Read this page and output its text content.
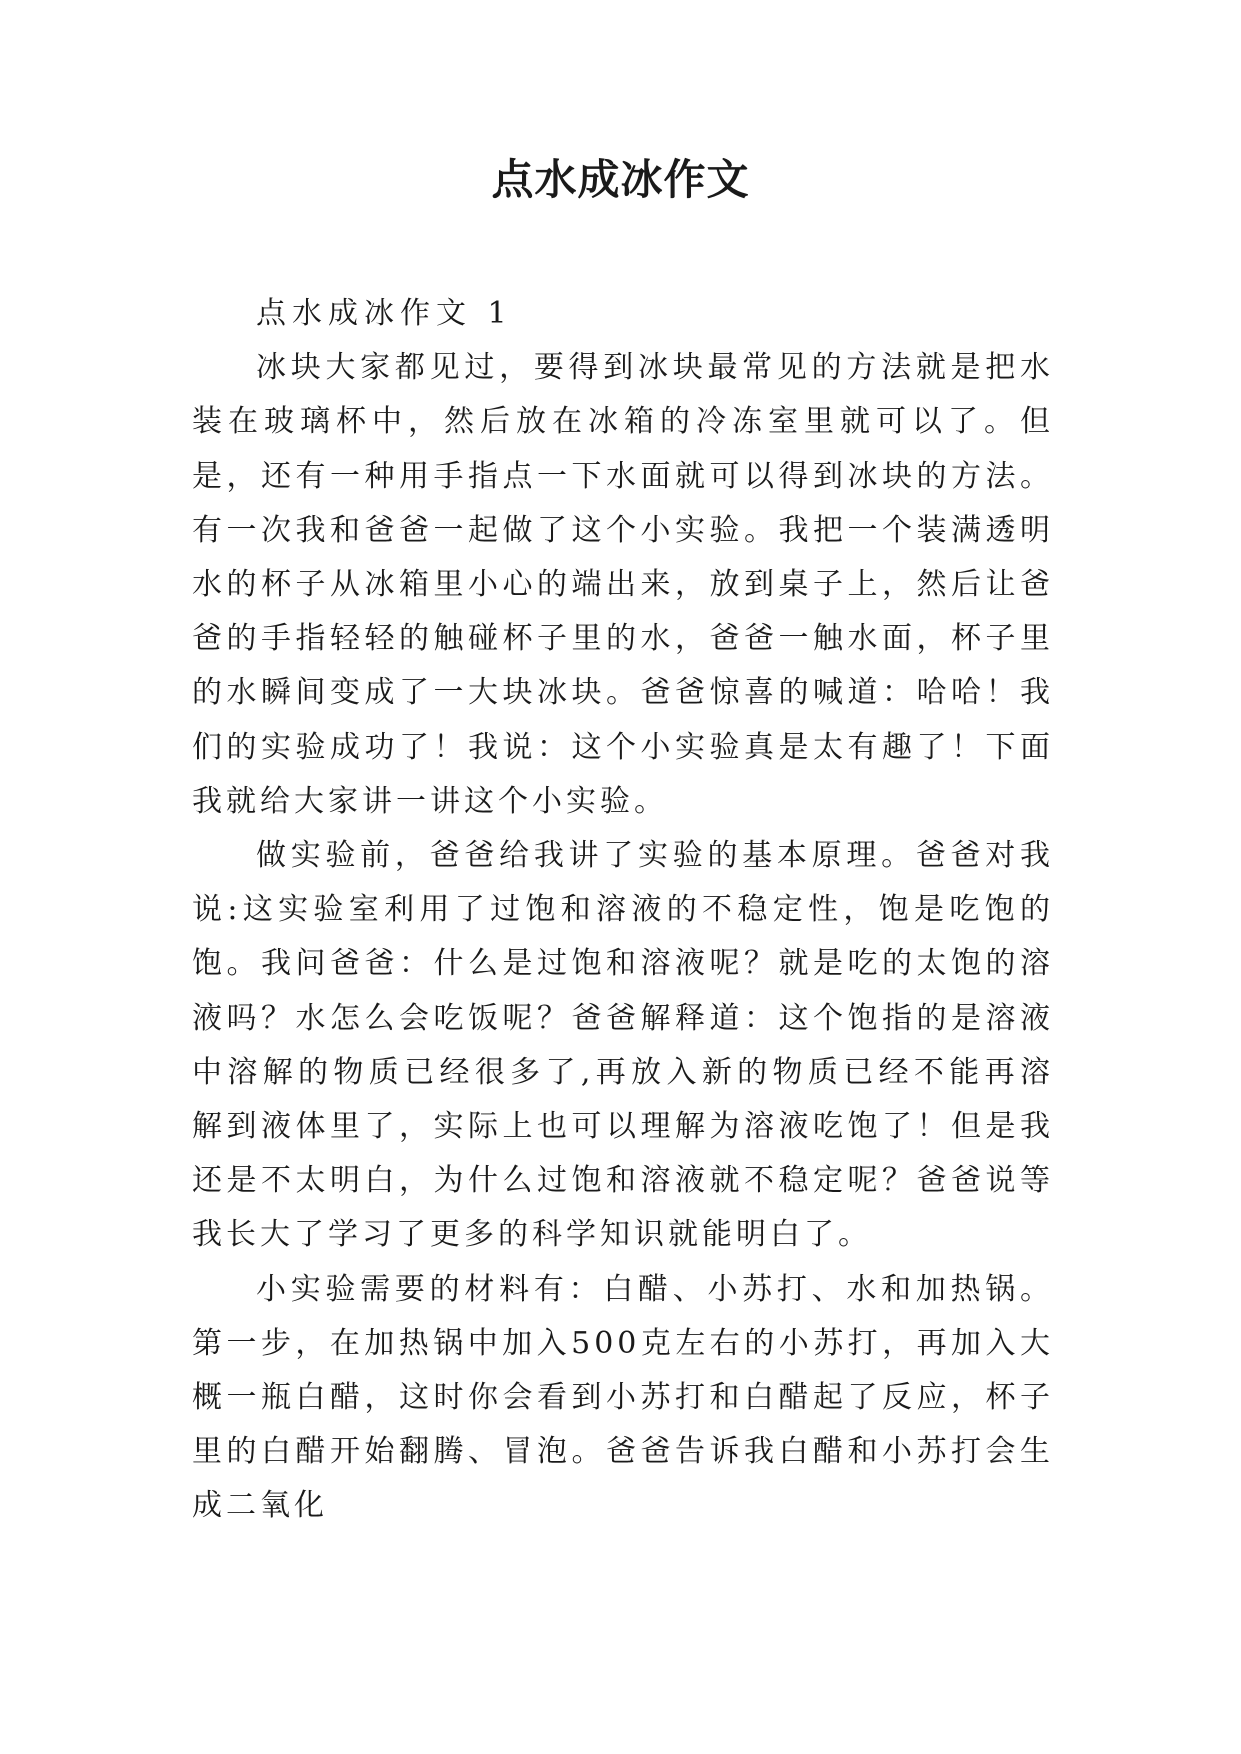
点水成冰作文

点水成冰作文 1

冰块大家都见过，要得到冰块最常见的方法就是把水装在玻璃杯中，然后放在冰箱的冷冻室里就可以了。但是，还有一种用手指点一下水面就可以得到冰块的方法。有一次我和爸爸一起做了这个小实验。我把一个装满透明水的杯子从冰箱里小心的端出来，放到桌子上，然后让爸爸的手指轻轻的触碰杯子里的水，爸爸一触水面，杯子里的水瞬间变成了一大块冰块。爸爸惊喜的喊道：哈哈！我们的实验成功了！我说：这个小实验真是太有趣了！下面我就给大家讲一讲这个小实验。

做实验前，爸爸给我讲了实验的基本原理。爸爸对我说:这实验室利用了过饱和溶液的不稳定性，饱是吃饱的饱。我问爸爸：什么是过饱和溶液呢？就是吃的太饱的溶液吗？水怎么会吃饭呢？爸爸解释道：这个饱指的是溶液中溶解的物质已经很多了,再放入新的物质已经不能再溶解到液体里了，实际上也可以理解为溶液吃饱了！但是我还是不太明白，为什么过饱和溶液就不稳定呢？爸爸说等我长大了学习了更多的科学知识就能明白了。

小实验需要的材料有：白醋、小苏打、水和加热锅。第一步，在加热锅中加入500克左右的小苏打，再加入大概一瓶白醋，这时你会看到小苏打和白醋起了反应，杯子里的白醋开始翻腾、冒泡。爸爸告诉我白醋和小苏打会生成二氧化
